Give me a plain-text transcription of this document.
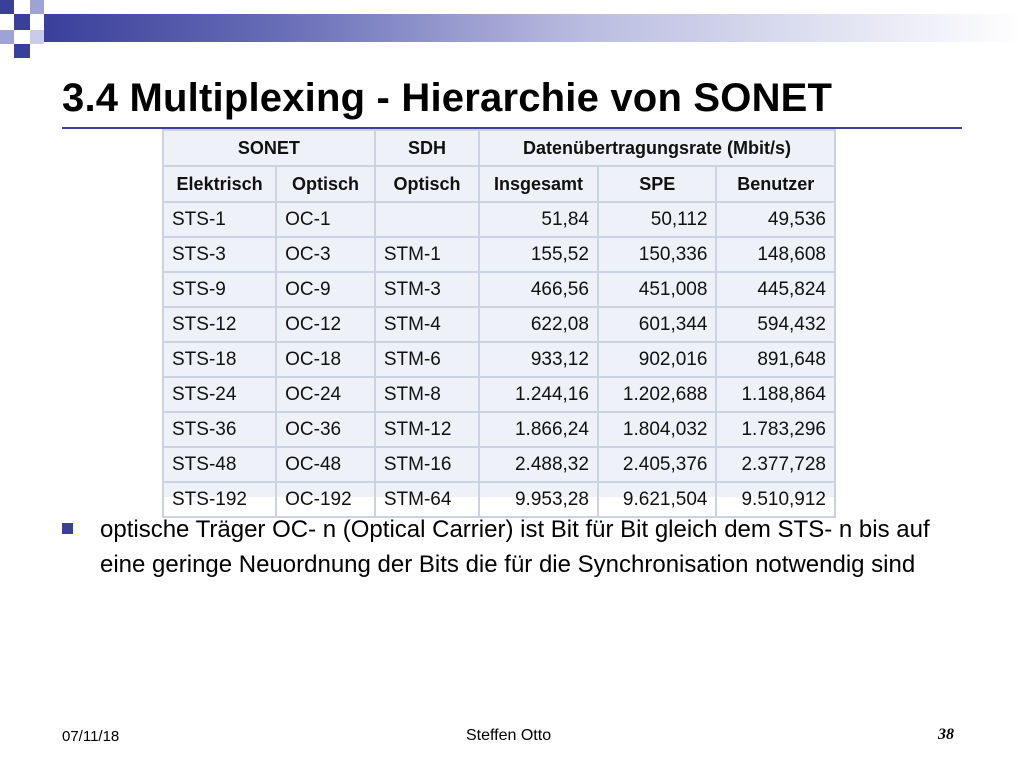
3.4 Multiplexing - Hierarchie von SONET
SONET		SDH	Datenübertragungsrate (Mbit/s)		
Elektrisch	Optisch	Optisch	Insgesamt	SPE	Benutzer
STS-1	OC-1		51,84	50,112	49,536
STS-3	OC-3	STM-1	155,52	150,336	148,608
STS-9	OC-9	STM-3	466,56	451,008	445,824
STS-12	OC-12	STM-4	622,08	601,344	594,432
STS-18	OC-18	STM-6	933,12	902,016	891,648
STS-24	OC-24	STM-8	1.244,16	1.202,688	1.188,864
STS-36	OC-36	STM-12	1.866,24	1.804,032	1.783,296
STS-48	OC-48	STM-16	2.488,32	2.405,376	2.377,728
STS-192	OC-192	STM-64	9.953,28	9.621,504	9.510,912

optische Träger OC- n (Optical Carrier) ist Bit für Bit gleich dem STS- n bis auf eine geringe Neuordnung der Bits die für die Synchronisation notwendig sind

07/11/18	Steffen Otto	38
